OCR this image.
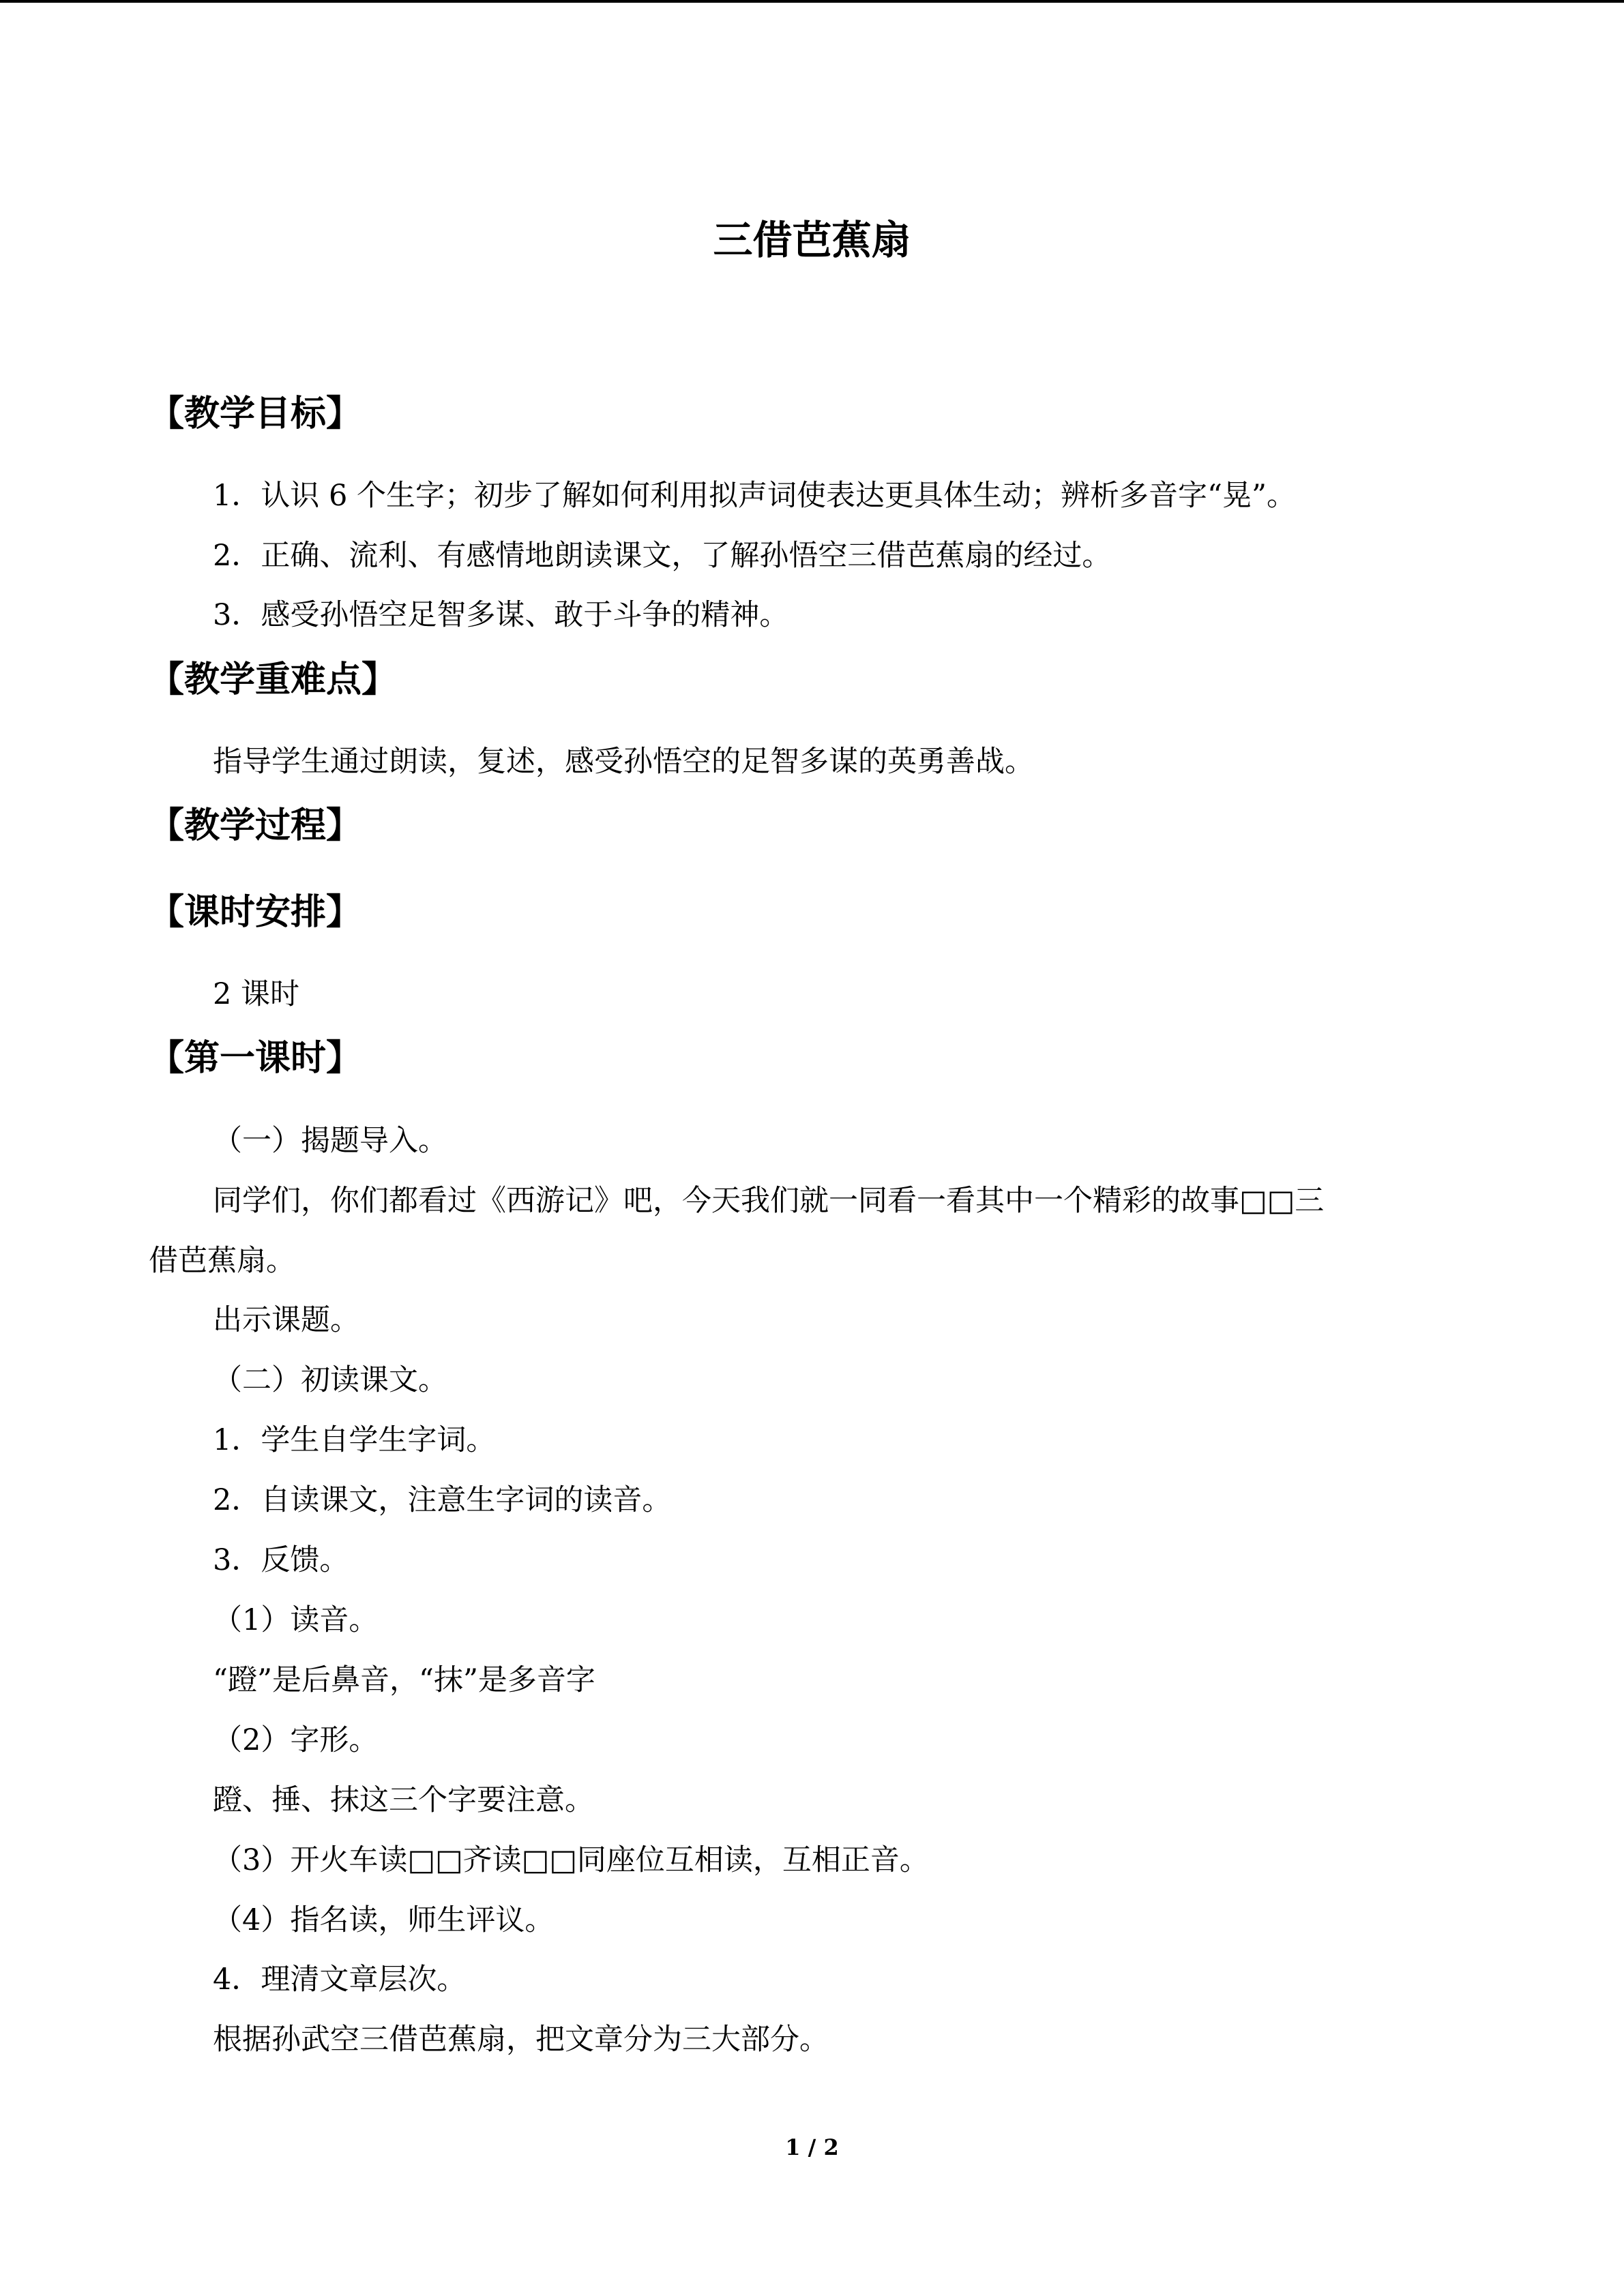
三借芭蕉扇
【教学目标】
1．认识 6 个生字；初步了解如何利用拟声词使表达更具体生动；辨析多音字“晃”。
2．正确、流利、有感情地朗读课文，了解孙悟空三借芭蕉扇的经过。
3．感受孙悟空足智多谋、敢于斗争的精神。
【教学重难点】
指导学生通过朗读，复述，感受孙悟空的足智多谋的英勇善战。
【教学过程】
【课时安排】
2 课时
【第一课时】
（一）揭题导入。
同学们，你们都看过《西游记》吧，今天我们就一同看一看其中一个精彩的故事□□三
借芭蕉扇。
出示课题。
（二）初读课文。
1．学生自学生字词。
2．自读课文，注意生字词的读音。
3．反馈。
（1）读音。
“蹬”是后鼻音，“抹”是多音字
（2）字形。
蹬、捶、抹这三个字要注意。
（3）开火车读□□齐读□□同座位互相读，互相正音。
（4）指名读，师生评议。
4．理清文章层次。
根据孙武空三借芭蕉扇，把文章分为三大部分。
1 / 2
